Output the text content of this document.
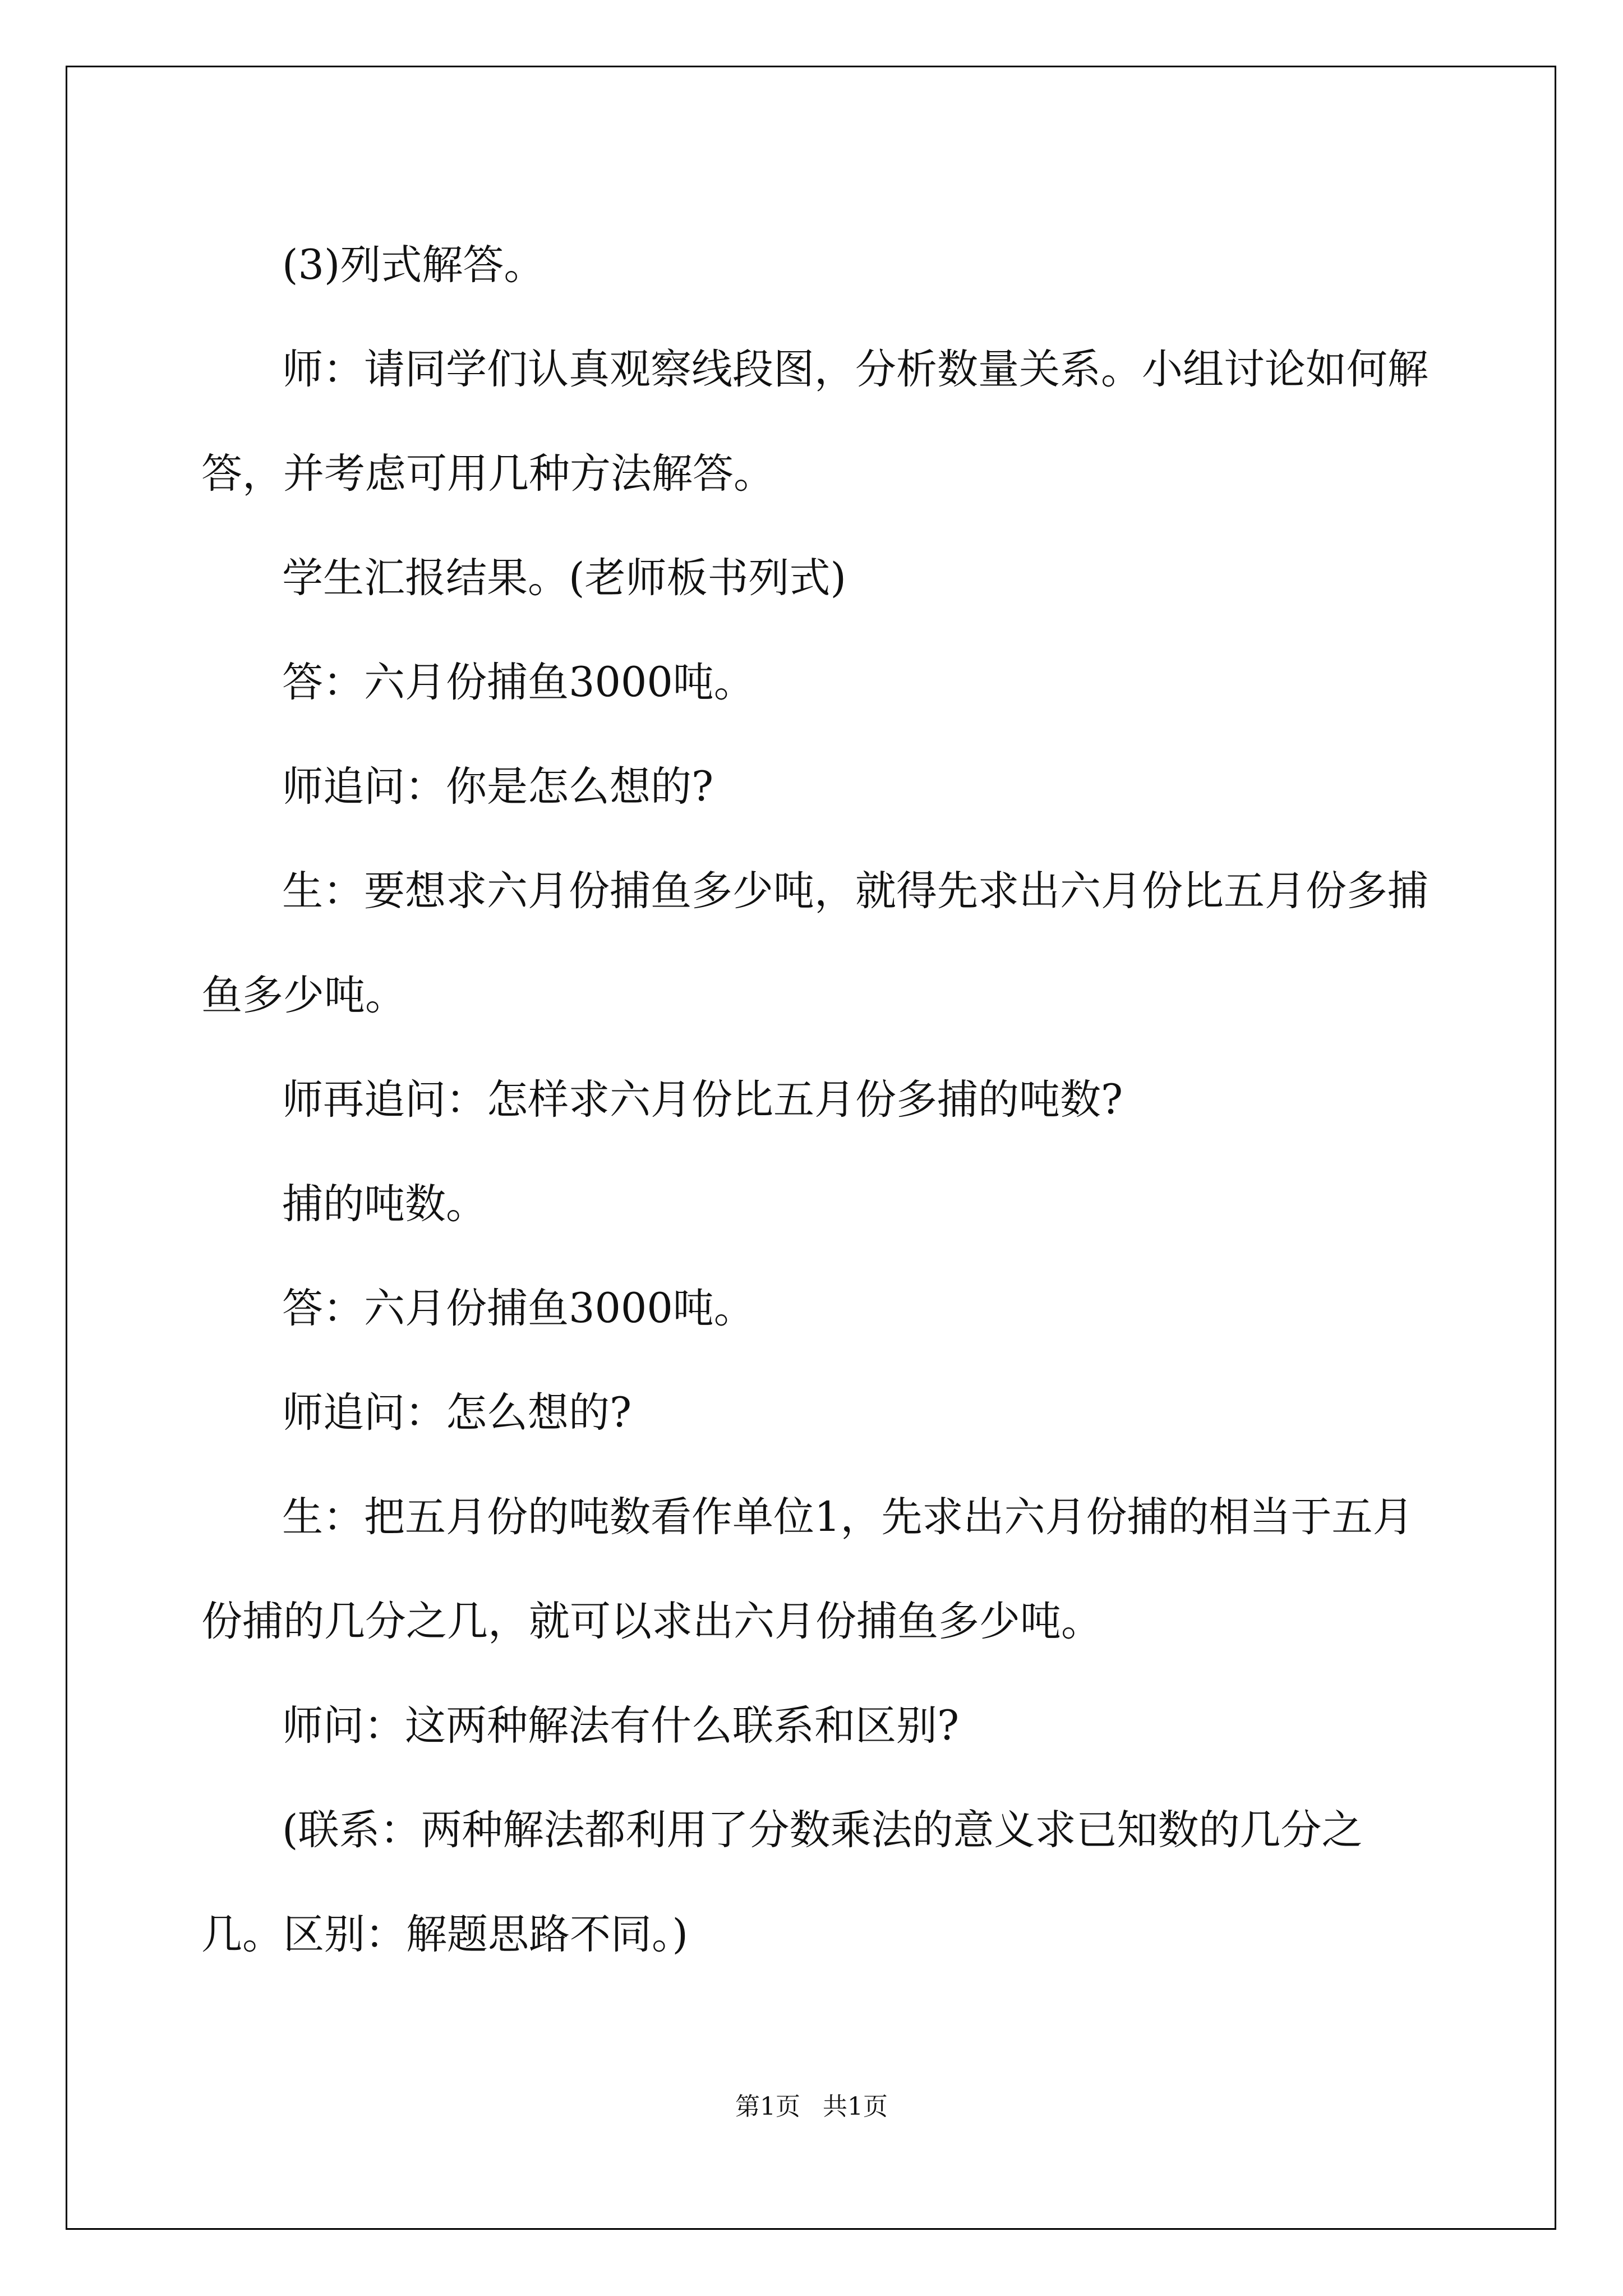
(3)列式解答。

师：请同学们认真观察线段图，分析数量关系。小组讨论如何解答，并考虑可用几种方法解答。

学生汇报结果。(老师板书列式)

答：六月份捕鱼3000吨。

师追问：你是怎么想的?

生：要想求六月份捕鱼多少吨，就得先求出六月份比五月份多捕鱼多少吨。

师再追问：怎样求六月份比五月份多捕的吨数?

捕的吨数。

答：六月份捕鱼3000吨。

师追问：怎么想的?

生：把五月份的吨数看作单位1，先求出六月份捕的相当于五月份捕的几分之几，就可以求出六月份捕鱼多少吨。

师问：这两种解法有什么联系和区别?

(联系：两种解法都利用了分数乘法的意义求已知数的几分之几。区别：解题思路不同。)

第1页 共1页
